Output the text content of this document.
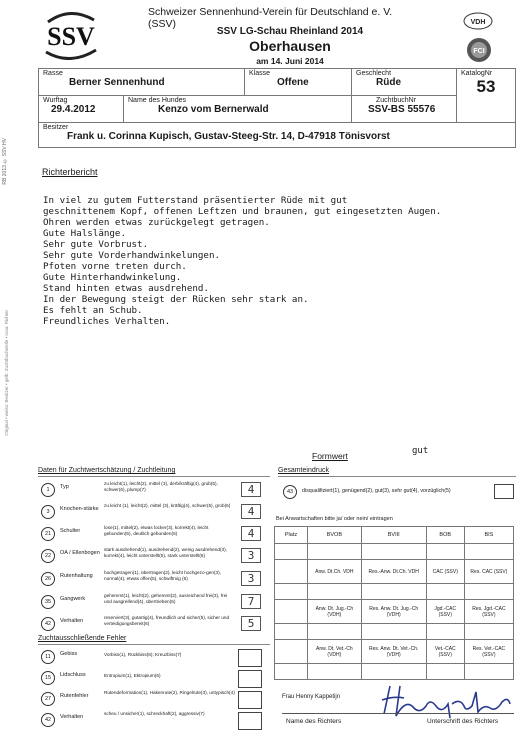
SSV
Schweizer Sennenhund-Verein für Deutschland e. V. (SSV)
SSV LG-Schau Rheinland 2014
Oberhausen
am 14. Juni 2014
VDH
FCI
RB 2013 © SSV HV
Original • weiss: Besitzer • gelb: Zuchtbuchstelle • rosa: Richter
Rasse
Berner Sennenhund		Klasse
Offene	Geschlecht
Rüde	KatalogNr
53

Wurftag
29.4.2012	Name des Hundes
Kenzo vom Bernerwald		ZuchtbuchNr
SSV-BS 55576	

Besitzer
Frank u. Corinna Kupisch, Gustav-Steeg-Str. 14, D-47918 Tönisvorst				
Richterbericht
In viel zu gutem Futterstand präsentierter Rüde mit gut
geschnittenem Kopf, offenen Leftzen und braunen, gut eingesetzten Augen.
Ohren werden etwas zurückgelegt getragen.
Gute Halslänge.
Sehr gute Vorbrust.
Sehr gute Vorderhandwinkelungen.
Pfoten vorne treten durch.
Gute Hinterhandwinkelung.
Stand hinten etwas ausdrehend.
In der Bewegung steigt der Rücken sehr stark an.
Es fehlt an Schub.
Freundliches Verhalten.
Formwert	gut
Daten für Zuchtwertschätzung / Zuchtleitung
1	Typ
zu leicht(1), leicht(2), mittel (3), derb/kräftig(4), grob(5), schwer(6), plump(7)	4
3	Knochen-stärke
zu leicht (1), leicht(2), mittel (3), kräftig(4), schwer(5), grob(6)	4
21	Schulter
lose(1), mittel(2), etwas locker(3), korrekt(4), leicht gebunden(5), deutlich gebunden(6)	4
22	OA / Ellenbogen
stark ausdrehend(1), ausdrehend(2), wenig ausdrehend(3), korrekt(4), leicht unterstellt(5), stark unterstellt(6)	3
26	Rutenhaltung
hochgetragen(1), übertragen(2), leicht hochgezo-gen(3), normal(4), etwas offen(5), schwiftmig (6)	3
35	Gangwerk
gehemmt(1), leicht(2), gehemmt(2), ausreichend frei(3), frei und ausgreifend(4), übertrieben(5)	7
42	Verhalten
reserviert(3), gutartig(4), freundlich und sicher(5), sicher und verteidigungsbereit(6)	5
Zuchtausschließende Fehler
11	Gebiss	Vorbiss(1), Rückbiss(6); Kreuzbiss(7)
15	Lidschluss	Entropium(1), Ektropium(6)
27	Rutenfehler
Rutendeformation(1), Hakenrute(2), Ringelrute(3), untypisch(4)
42	Verhalten
scheu / unsicher(1), schreckhaft(2), aggressiv(7)
Gesamteindruck
43	disqualifiziert(1), genügend(2), gut(3), sehr gut(4), vorzüglich(5)
Bei Anwartschaften bitte ja/ oder nein/ eintragen
Platz	BVOB	BVIII	BOB	BIS

	Anw. Dt.Ch. VDH	Res.-Anw. Dt.Ch. VDH	CAC (SSV)	Res. CAC (SSV)

	Anw. Dt. Jug.-Ch (VDH)	Res. Anw. Dt. Jug.-Ch (VDH)	Jgd.-CAC (SSV)	Res. Jgd.-CAC (SSV)

	Anw. Dt. Vet.-Ch (VDH)	Res. Anw. Dt. Vet.-Ch. (VDH)	Vet.-CAC (SSV)	Res. Vet.-CAC (SSV)

Frau Henny Kappetijn
Name des Richters	Unterschrift des Richters
